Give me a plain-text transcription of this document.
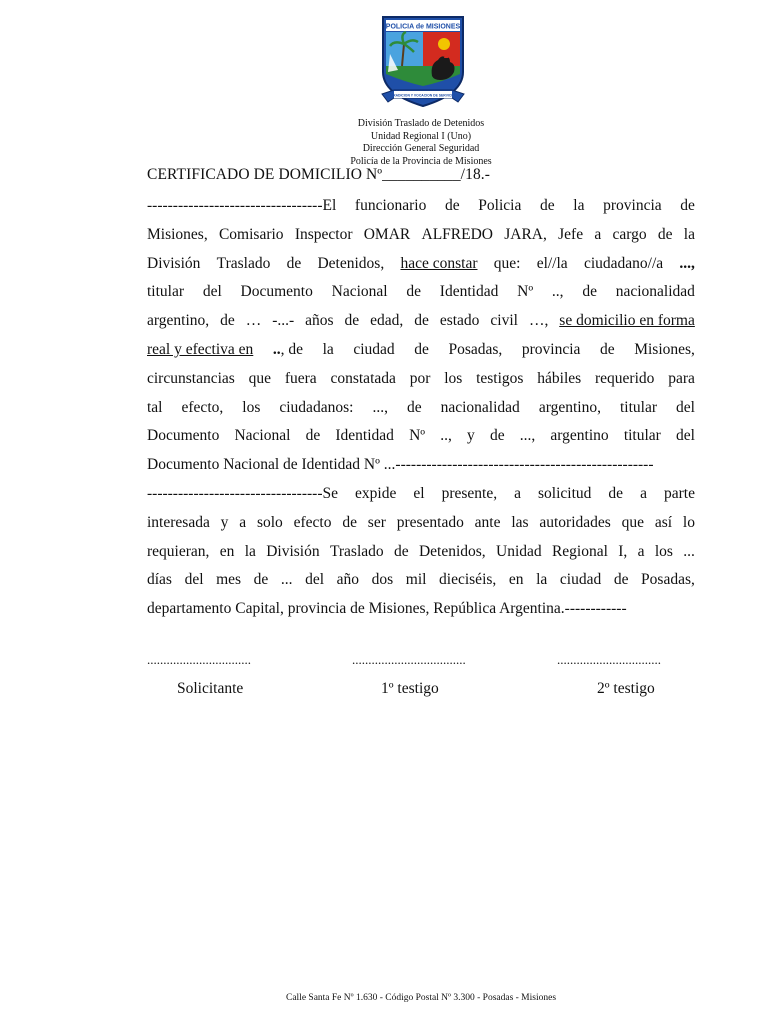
POLICIA de MISIONES
TRADICION Y VOCACION DE SERVICIO
División Traslado de Detenidos
Unidad Regional I (Uno)
Dirección General Seguridad
Policía de la Provincia de Misiones
CERTIFICADO DE DOMICILIO Nº__________/18.-
----------------------------------El funcionario de Policia de la provincia de
Misiones, Comisario Inspector OMAR ALFREDO JARA, Jefe a cargo de la
División Traslado de Detenidos, hace constar que: el//la ciudadano//a ...,
titular del Documento Nacional de Identidad Nº .., de nacionalidad
argentino, de … -...- años de edad, de estado civil …, se domicilio en forma
real y efectiva en .., de la ciudad de Posadas, provincia de Misiones,
circunstancias que fuera constatada por los testigos hábiles requerido para
tal efecto, los ciudadanos: ..., de nacionalidad argentino, titular del
Documento Nacional de Identidad Nº .., y de ..., argentino titular del
Documento Nacional de Identidad Nº ...--------------------------------------------------
----------------------------------Se expide el presente, a solicitud de a parte
interesada y a solo efecto de ser presentado ante las autoridades que así lo
requieran, en la División Traslado de Detenidos, Unidad Regional I, a los ...
días del mes de ... del año dos mil dieciséis, en la ciudad de Posadas,
departamento Capital, provincia de Misiones, República Argentina.------------
................................	...................................	................................
Solicitante	1º testigo	2º testigo
Calle Santa Fe Nº 1.630 - Código Postal Nº 3.300 - Posadas - Misiones
